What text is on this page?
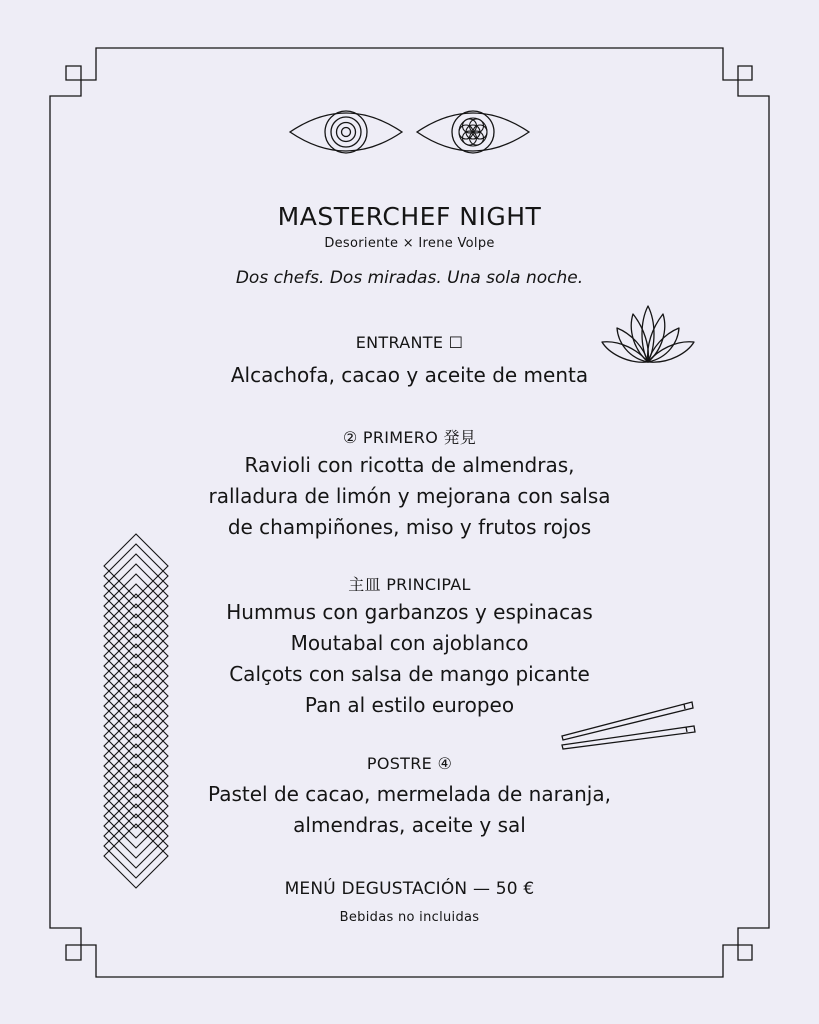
MASTERCHEF NIGHT
Desoriente × Irene Volpe
Dos chefs. Dos miradas. Una sola noche.
ENTRANTE ☐
Alcachofa, cacao y aceite de menta
② PRIMERO 発見
Ravioli con ricotta de almendras,
ralladura de limón y mejorana con salsa
de champiñones, miso y frutos rojos
主皿 PRINCIPAL
Hummus con garbanzos y espinacas
Moutabal con ajoblanco
Calçots con salsa de mango picante
Pan al estilo europeo
POSTRE ④
Pastel de cacao, mermelada de naranja,
almendras, aceite y sal
MENÚ DEGUSTACIÓN — 50 €
Bebidas no incluidas
